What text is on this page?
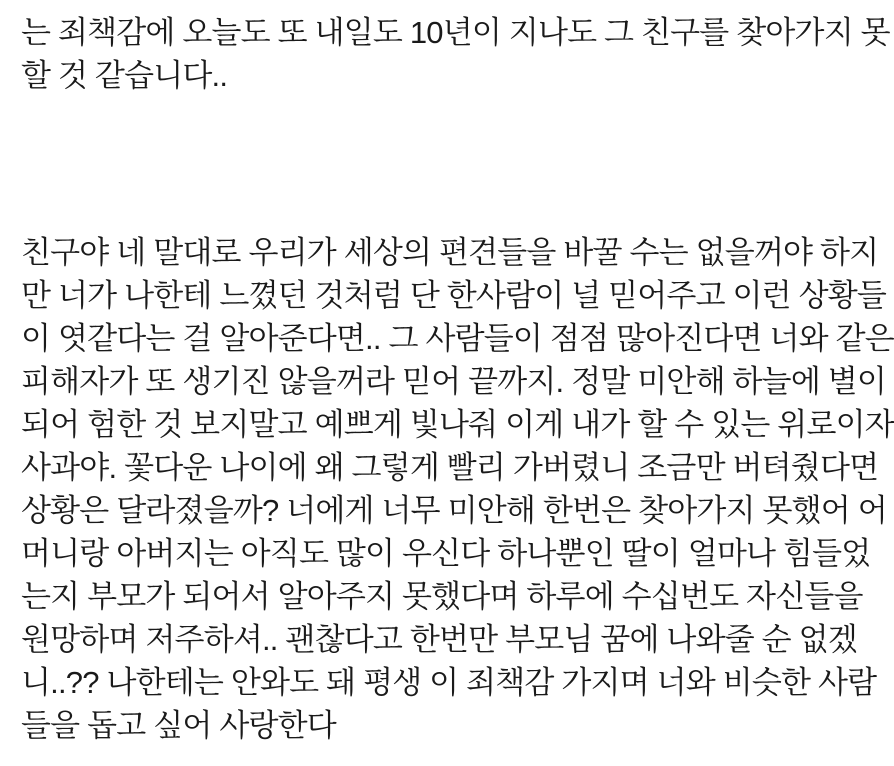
는 죄책감에 오늘도 또 내일도 10년이 지나도 그 친구를 찾아가지 못
할 것 같습니다..
친구야 네 말대로 우리가 세상의 편견들을 바꿀 수는 없을꺼야 하지
만 너가 나한테 느꼈던 것처럼 단 한사람이 널 믿어주고 이런 상황들
이 엿같다는 걸 알아준다면.. 그 사람들이 점점 많아진다면 너와 같은
피해자가 또 생기진 않을꺼라 믿어 끝까지. 정말 미안해 하늘에 별이
되어 험한 것 보지말고 예쁘게 빛나줘 이게 내가 할 수 있는 위로이자
사과야. 꽃다운 나이에 왜 그렇게 빨리 가버렸니 조금만 버텨줬다면
상황은 달라졌을까? 너에게 너무 미안해 한번은 찾아가지 못했어 어
머니랑 아버지는 아직도 많이 우신다 하나뿐인 딸이 얼마나 힘들었
는지 부모가 되어서 알아주지 못했다며 하루에 수십번도 자신들을
원망하며 저주하셔.. 괜찮다고 한번만 부모님 꿈에 나와줄 순 없겠
니..?? 나한테는 안와도 돼 평생 이 죄책감 가지며 너와 비슷한 사람
들을 돕고 싶어 사랑한다
